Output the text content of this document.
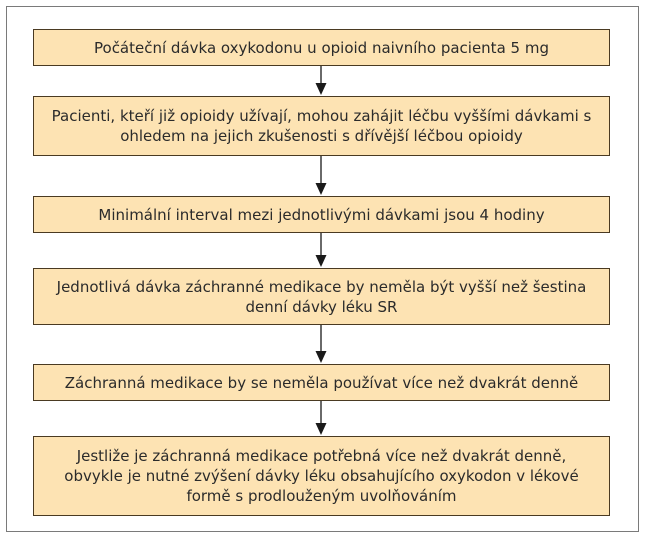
Počáteční dávka oxykodonu u opioid naivního pacienta 5 mg
Pacienti, kteří již opioidy užívají, mohou zahájit léčbu vyššími dávkami s ohledem na jejich zkušenosti s dřívější léčbou opioidy
Minimální interval mezi jednotlivými dávkami jsou 4 hodiny
Jednotlivá dávka záchranné medikace by neměla být vyšší než šestina denní dávky léku SR
Záchranná medikace by se neměla používat více než dvakrát denně
Jestliže je záchranná medikace potřebná více než dvakrát denně, obvykle je nutné zvýšení dávky léku obsahujícího oxykodon v lékové formě s prodlouženým uvolňováním
